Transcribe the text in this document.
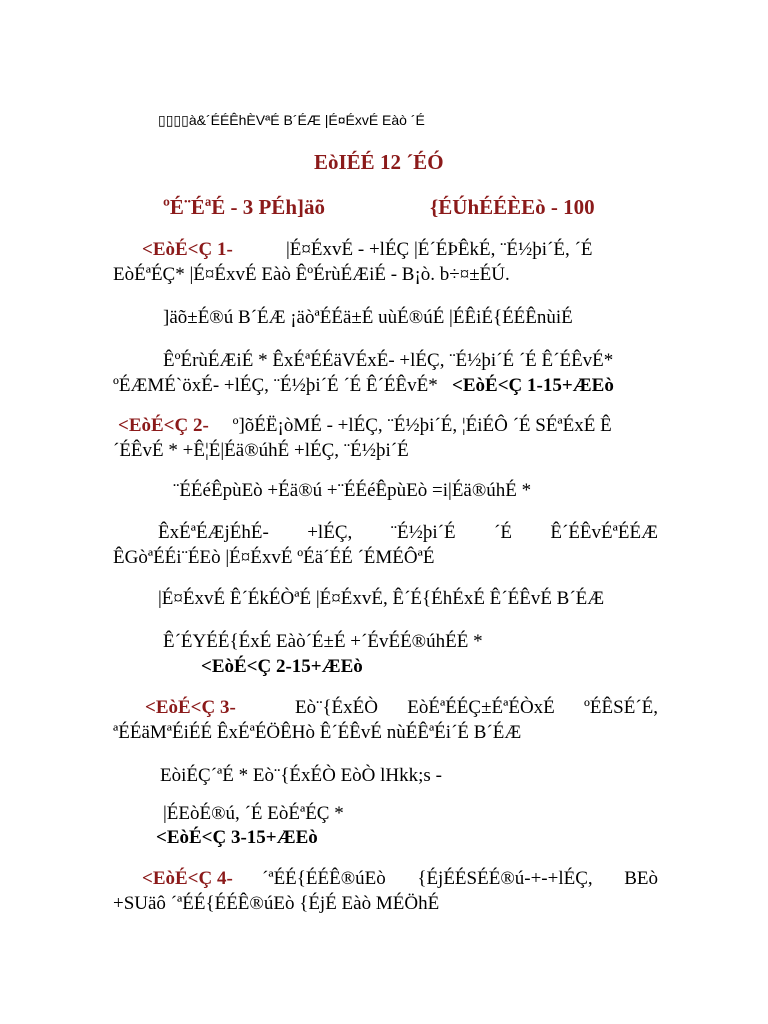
▯▯▯▯à&´ÉÉÊhÈVªÉ B´ÉÆ |É¤ÉxvÉ Eàò ´É
EòIÉÉ 12 ´ÉÓ
ºÉ¨ÉªÉ - 3 PÉh]äõ	{ÉÚhÉÉÈEò - 100
<EòÉ<Ç 1-	|É¤ÉxvÉ - +lÉÇ |É´ÉÞÊkÉ, ¨É½þi´É, ´É
EòÉªÉÇ* |É¤ÉxvÉ Eàò ÊºÉrùÉÆiÉ - B¡ò. b÷¤±ÉÚ.
]äõ±É®ú B´ÉÆ ¡äòªÉÉä±É uùÉ®úÉ |ÉÊiÉ{ÉÉÊnùiÉ
ÊºÉrùÉÆiÉ * ÊxÉªÉÉäVÉxÉ- +lÉÇ, ¨É½þi´É ´É Ê´ÉÊvÉ*
ºÉÆMÉ`öxÉ- +lÉÇ, ¨É½þi´É ´É Ê´ÉÊvÉ* <EòÉ<Ç 1-15+ÆEò
<EòÉ<Ç 2- º]õÉË¡òMÉ - +lÉÇ, ¨É½þi´É, ¦ÉiÉÔ ´É SÉªÉxÉ Ê
´ÉÊvÉ * +Ê¦É|Éä®úhÉ +lÉÇ, ¨É½þi´É
¨ÉÉéÊpùEò +Éä®ú +¨ÉÉéÊpùEò =i|Éä®úhÉ *
ÊxÉªÉÆjÉhÉ- +lÉÇ, ¨É½þi´É ´É Ê´ÉÊvÉªÉÉÆ
ÊGòªÉÉi¨ÉEò |É¤ÉxvÉ ºÉä´ÉÉ ´ÉMÉÔªÉ
|É¤ÉxvÉ Ê´ÉkÉÒªÉ |É¤ÉxvÉ, Ê´É{ÉhÉxÉ Ê´ÉÊvÉ B´ÉÆ
Ê´ÉYÉÉ{ÉxÉ Eàò´É±É +´ÉvÉÉ®úhÉÉ *
<EòÉ<Ç 2-15+ÆEò
<EòÉ<Ç 3-	Eò¨{ÉxÉÒ EòÉªÉÉÇ±ÉªÉÒxÉ ºÉÊSÉ´É,
ªÉÉäMªÉiÉÉ ÊxÉªÉÖÊHò Ê´ÉÊvÉ nùÉÊªÉi´É B´ÉÆ
EòiÉÇ´ªÉ * Eò¨{ÉxÉÒ EòÒ lHkk;s -
|ÉEòÉ®ú, ´É EòÉªÉÇ *
<EòÉ<Ç 3-15+ÆEò
<EòÉ<Ç 4- ´ªÉÉ{ÉÉÊ®úEò {ÉjÉÉSÉÉ®ú-+-+lÉÇ, BEò
+SUäô ´ªÉÉ{ÉÉÊ®úEò {ÉjÉ Eàò MÉÖhÉ
